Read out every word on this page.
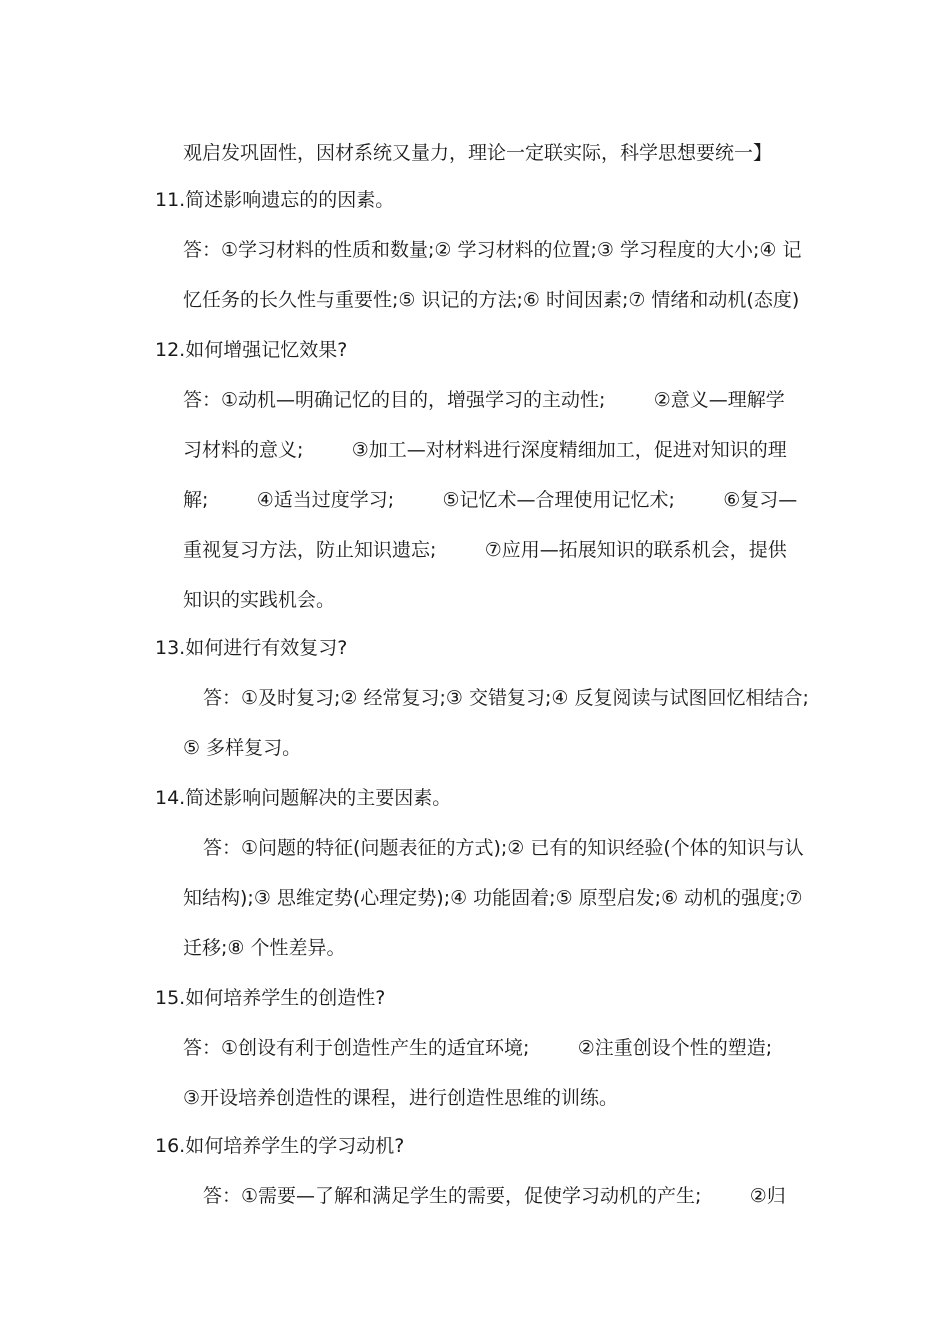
观启发巩固性，因材系统又量力，理论一定联实际，科学思想要统一】
11.简述影响遗忘的的因素。
答：①学习材料的性质和数量;② 学习材料的位置;③ 学习程度的大小;④ 记
忆任务的长久性与重要性;⑤ 识记的方法;⑥ 时间因素;⑦ 情绪和动机(态度)
12.如何增强记忆效果?
答：①动机—明确记忆的目的，增强学习的主动性;        ②意义—理解学
习材料的意义;        ③加工—对材料进行深度精细加工，促进对知识的理
解;        ④适当过度学习;        ⑤记忆术—合理使用记忆术;        ⑥复习—
重视复习方法，防止知识遗忘;        ⑦应用—拓展知识的联系机会，提供
知识的实践机会。
13.如何进行有效复习?
答：①及时复习;② 经常复习;③ 交错复习;④ 反复阅读与试图回忆相结合;
⑤ 多样复习。
14.简述影响问题解决的主要因素。
答：①问题的特征(问题表征的方式);② 已有的知识经验(个体的知识与认
知结构);③ 思维定势(心理定势);④ 功能固着;⑤ 原型启发;⑥ 动机的强度;⑦
迁移;⑧ 个性差异。
15.如何培养学生的创造性?
答：①创设有利于创造性产生的适宜环境;        ②注重创设个性的塑造;
③开设培养创造性的课程，进行创造性思维的训练。
16.如何培养学生的学习动机?
答：①需要—了解和满足学生的需要，促使学习动机的产生;        ②归
